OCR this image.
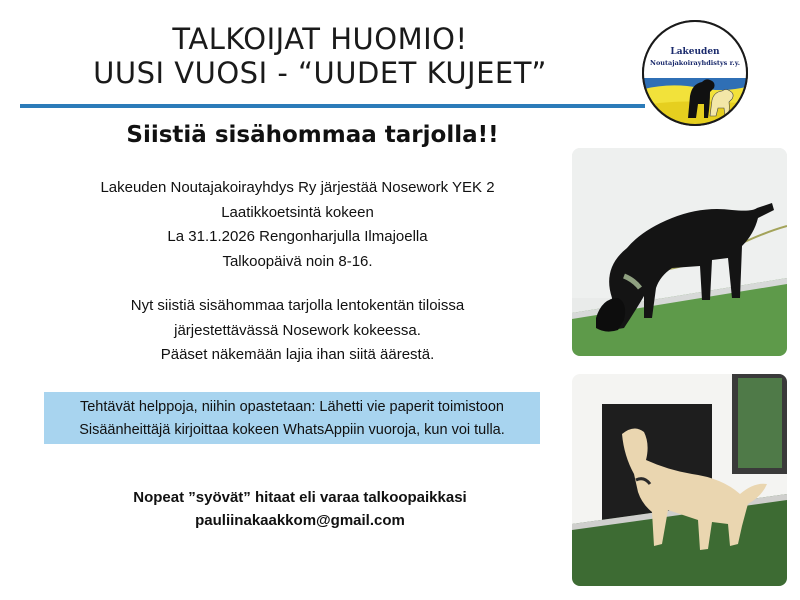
TALKOIJAT HUOMIO!
UUSI VUOSI - “UUDET KUJEET”
Lakeuden
Noutajakoirayhdistys r.y.
Siistiä sisähommaa tarjolla!!
Lakeuden Noutajakoirayhdys Ry järjestää Nosework YEK 2
Laatikkoetsintä kokeen
La 31.1.2026 Rengonharjulla Ilmajoella
Talkoopäivä noin 8-16.
Nyt siistiä sisähommaa tarjolla lentokentän tiloissa
järjestettävässä Nosework kokeessa.
Pääset näkemään lajia ihan siitä äärestä.
Tehtävät helppoja, niihin opastetaan: Lähetti vie paperit toimistoon
Sisäänheittäjä kirjoittaa kokeen WhatsAppiin vuoroja, kun voi tulla.
Nopeat ”syövät” hitaat eli varaa talkoopaikkasi
pauliinakaakkom@gmail.com
